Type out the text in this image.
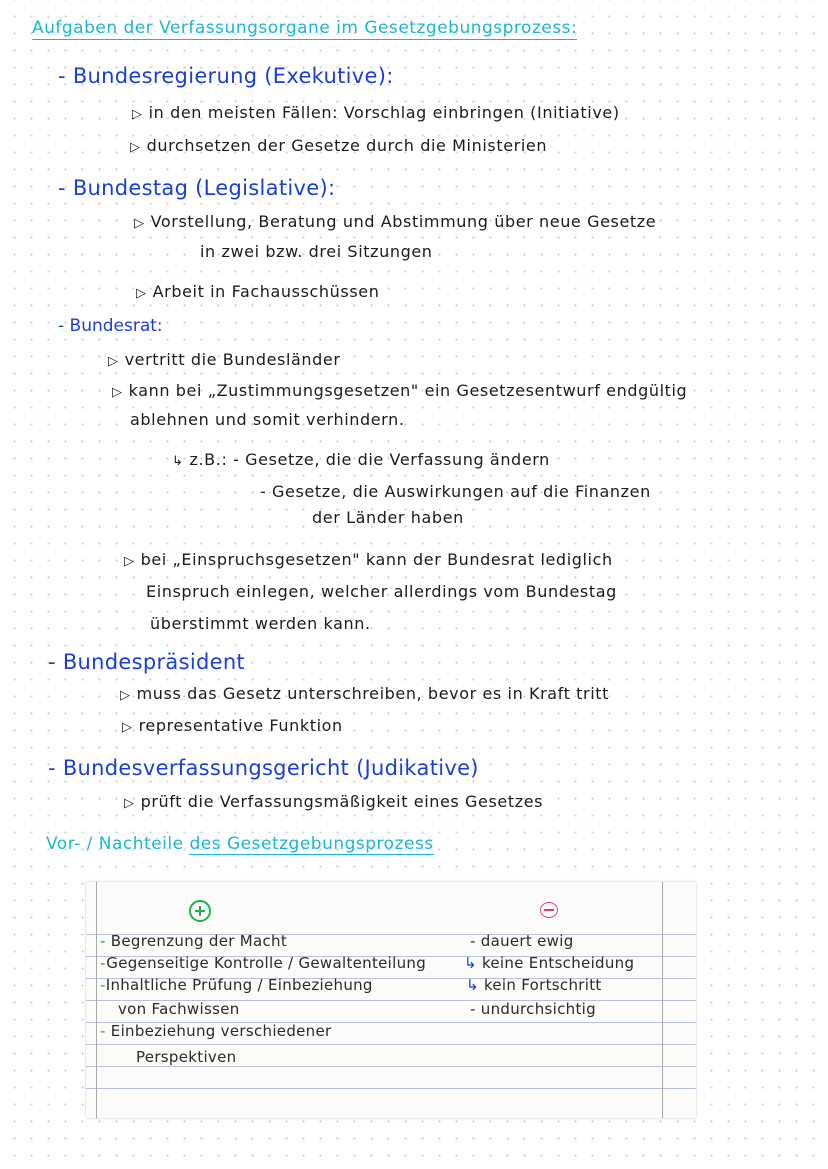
Aufgaben der Verfassungsorgane im Gesetzgebungsprozess:
- Bundesregierung (Exekutive):
▷ in den meisten Fällen: Vorschlag einbringen (Initiative)
▷ durchsetzen der Gesetze durch die Ministerien
- Bundestag (Legislative):
▷ Vorstellung, Beratung und Abstimmung über neue Gesetze
in zwei bzw. drei Sitzungen
▷ Arbeit in Fachausschüssen
- Bundesrat:
▷ vertritt die Bundesländer
▷ kann bei „Zustimmungsgesetzen" ein Gesetzesentwurf endgültig
ablehnen und somit verhindern.
↳ z.B.: - Gesetze, die die Verfassung ändern
- Gesetze, die Auswirkungen auf die Finanzen
der Länder haben
▷ bei „Einspruchsgesetzen" kann der Bundesrat lediglich
Einspruch einlegen, welcher allerdings vom Bundestag
überstimmt werden kann.
- Bundespräsident
▷ muss das Gesetz unterschreiben, bevor es in Kraft tritt
▷ representative Funktion
- Bundesverfassungsgericht (Judikative)
▷ prüft die Verfassungsmäßigkeit eines Gesetzes
Vor- / Nachteile des Gesetzgebungsprozess
- Begrenzung der Macht
-Gegenseitige Kontrolle / Gewaltenteilung
-Inhaltliche Prüfung / Einbeziehung
von Fachwissen
- Einbeziehung verschiedener
Perspektiven
- dauert ewig
↳ keine Entscheidung
↳ kein Fortschritt
- undurchsichtig
